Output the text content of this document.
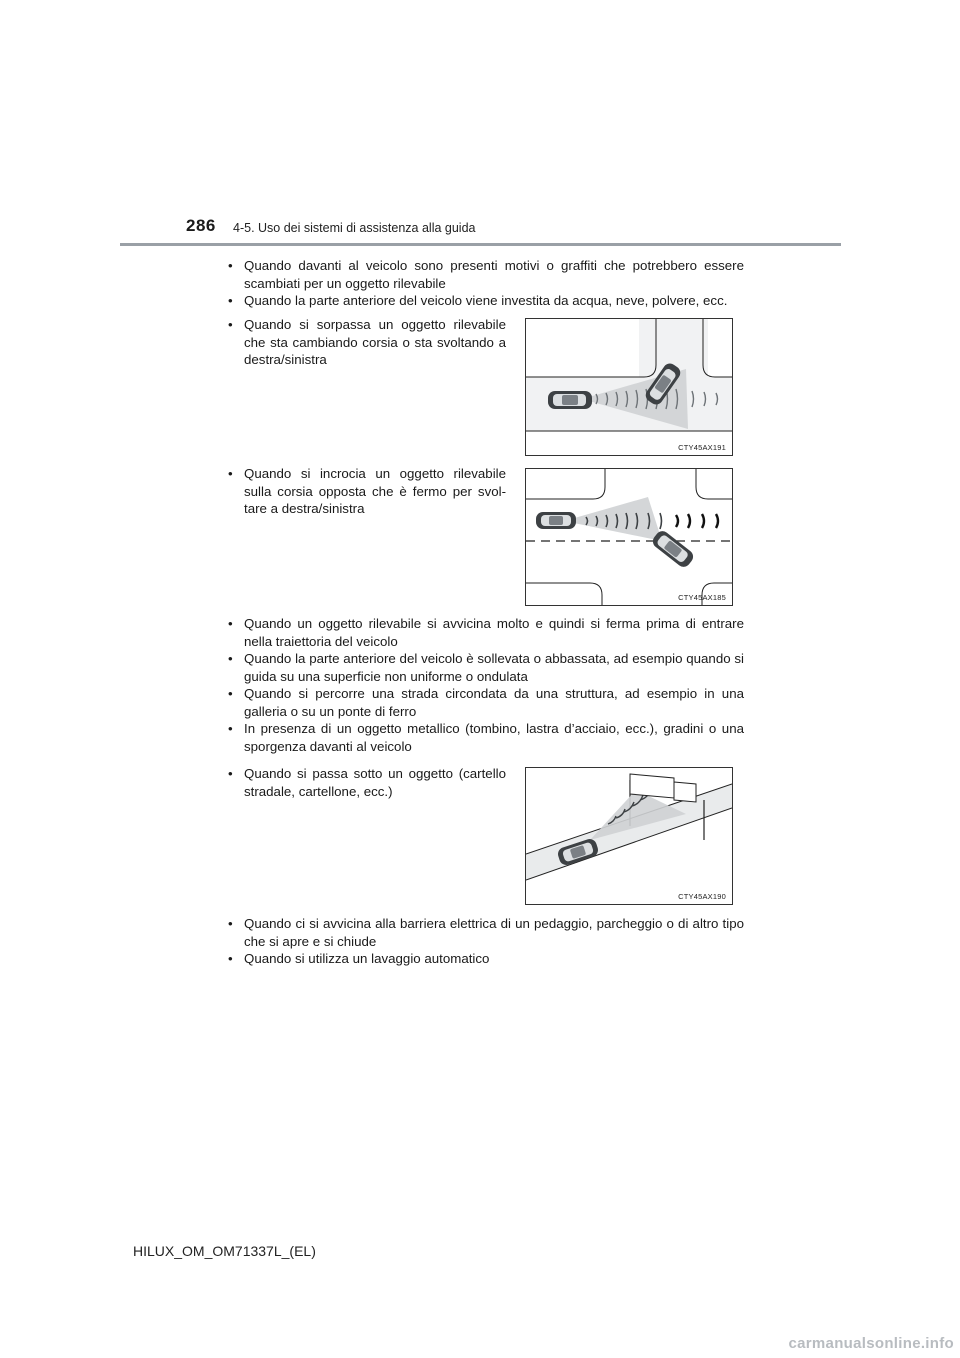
286 4-5. Uso dei sistemi di assistenza alla guida
• Quando davanti al veicolo sono presenti motivi o graffiti che potrebbero essere scambiati per un oggetto rilevabile
• Quando la parte anteriore del veicolo viene investita da acqua, neve, polvere, ecc.
• Quando si sorpassa un oggetto rilevabile che sta cambiando corsia o sta svoltando a destra/sinistra
CTY45AX191
• Quando si incrocia un oggetto rilevabile sulla corsia opposta che è fermo per svol-tare a destra/sinistra
CTY45AX185
• Quando un oggetto rilevabile si avvicina molto e quindi si ferma prima di entrare nella traiettoria del veicolo
• Quando la parte anteriore del veicolo è sollevata o abbassata, ad esempio quando si guida su una superficie non uniforme o ondulata
• Quando si percorre una strada circondata da una struttura, ad esempio in una galleria o su un ponte di ferro
• In presenza di un oggetto metallico (tombino, lastra d’acciaio, ecc.), gradini o una sporgenza davanti al veicolo
• Quando si passa sotto un oggetto (cartello stradale, cartellone, ecc.)
CTY45AX190
• Quando ci si avvicina alla barriera elettrica di un pedaggio, parcheggio o di altro tipo che si apre e si chiude
• Quando si utilizza un lavaggio automatico
HILUX_OM_OM71337L_(EL)
carmanualsonline.info
